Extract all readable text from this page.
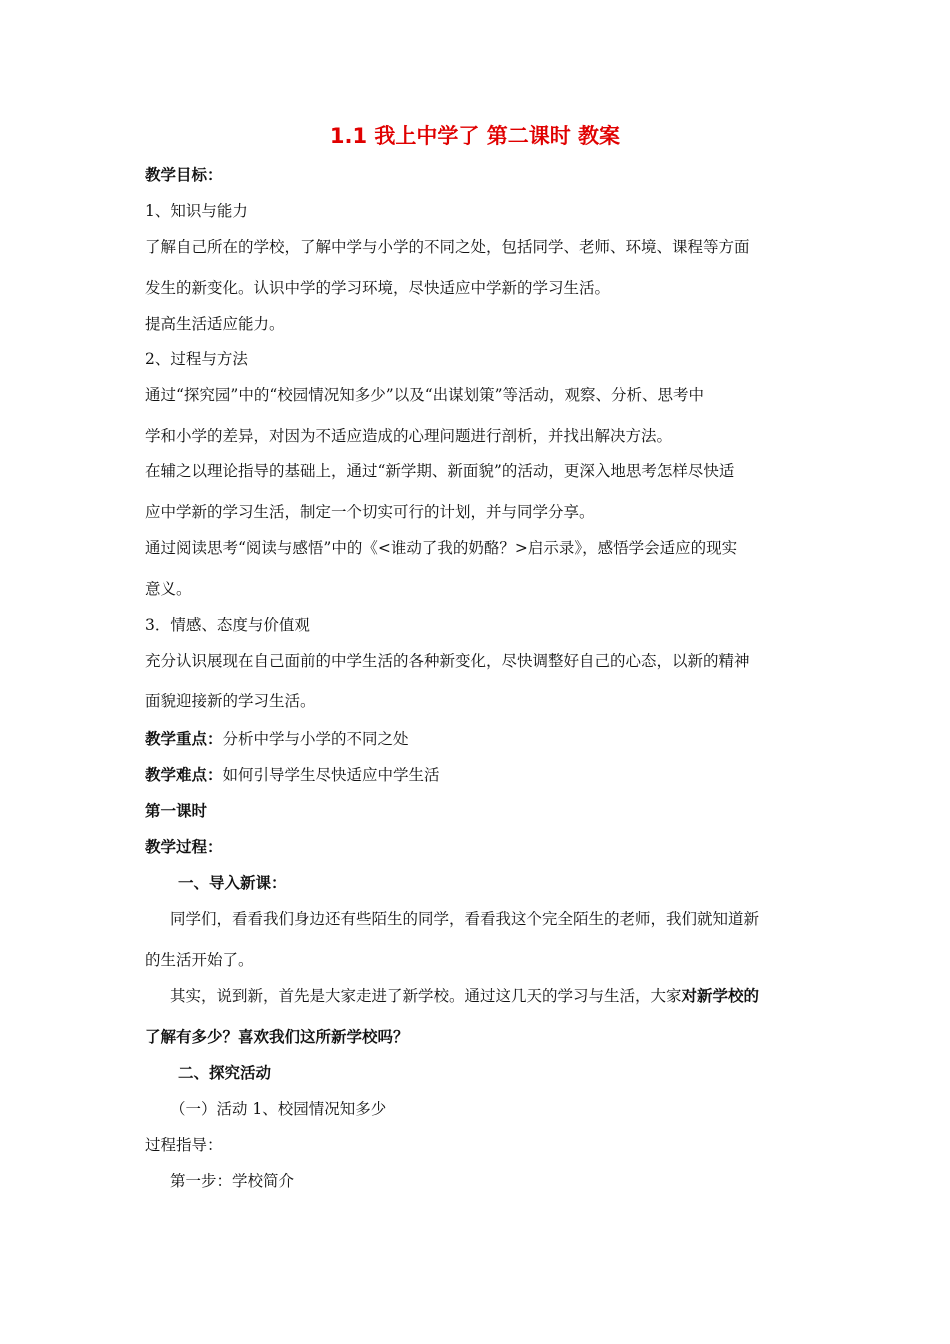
1.1 我上中学了 第二课时 教案
教学目标：
1、知识与能力
了解自己所在的学校，了解中学与小学的不同之处，包括同学、老师、环境、课程等方面
发生的新变化。认识中学的学习环境，尽快适应中学新的学习生活。
提高生活适应能力。
2、过程与方法
通过“探究园”中的“校园情况知多少”以及“出谋划策”等活动，观察、分析、思考中
学和小学的差异，对因为不适应造成的心理问题进行剖析，并找出解决方法。
在辅之以理论指导的基础上，通过“新学期、新面貌”的活动，更深入地思考怎样尽快适
应中学新的学习生活，制定一个切实可行的计划，并与同学分享。
通过阅读思考“阅读与感悟”中的《<谁动了我的奶酪？>启示录》，感悟学会适应的现实
意义。
3．情感、态度与价值观
充分认识展现在自己面前的中学生活的各种新变化，尽快调整好自己的心态，以新的精神
面貌迎接新的学习生活。
教学重点：分析中学与小学的不同之处
教学难点：如何引导学生尽快适应中学生活
第一课时
教学过程：
一、导入新课：
同学们，看看我们身边还有些陌生的同学，看看我这个完全陌生的老师，我们就知道新
的生活开始了。
其实，说到新，首先是大家走进了新学校。通过这几天的学习与生活，大家对新学校的
了解有多少？喜欢我们这所新学校吗？
二、探究活动
（一）活动 1、校园情况知多少
过程指导：
第一步：学校简介
